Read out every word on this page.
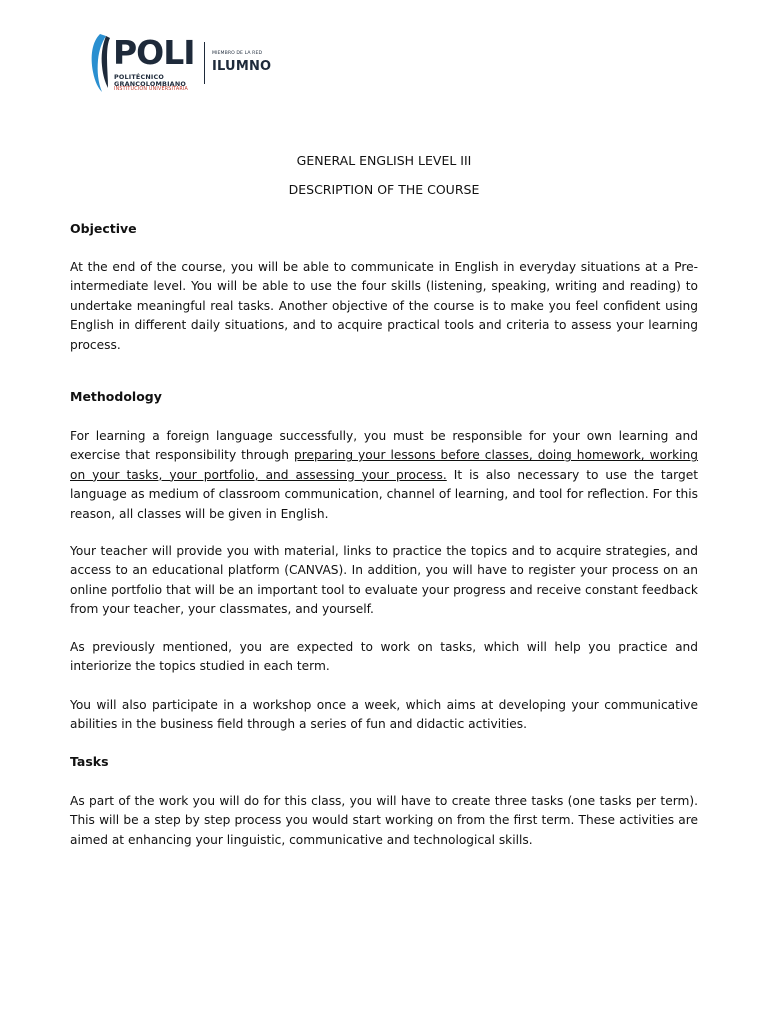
POLI
POLITÉCNICO
GRANCOLOMBIANO
INSTITUCIÓN UNIVERSITARIA
MIEMBRO DE LA RED
ILUMNO
GENERAL ENGLISH LEVEL III
DESCRIPTION OF THE COURSE
Objective

At the end of the course, you will be able to communicate in English in everyday situations at a Pre-intermediate level. You will be able to use the four skills (listening, speaking, writing and reading) to undertake meaningful real tasks. Another objective of the course is to make you feel confident using English in different daily situations, and to acquire practical tools and criteria to assess your learning process.

Methodology

For learning a foreign language successfully, you must be responsible for your own learning and exercise that responsibility through preparing your lessons before classes, doing homework, working on your tasks, your portfolio, and assessing your process. It is also necessary to use the target language as medium of classroom communication, channel of learning, and tool for reflection. For this reason, all classes will be given in English.

Your teacher will provide you with material, links to practice the topics and to acquire strategies, and access to an educational platform (CANVAS). In addition, you will have to register your process on an online portfolio that will be an important tool to evaluate your progress and receive constant feedback from your teacher, your classmates, and yourself.

As previously mentioned, you are expected to work on tasks, which will help you practice and interiorize the topics studied in each term.

You will also participate in a workshop once a week, which aims at developing your communicative abilities in the business field through a series of fun and didactic activities.

Tasks

As part of the work you will do for this class, you will have to create three tasks (one tasks per term). This will be a step by step process you would start working on from the first term. These activities are aimed at enhancing your linguistic, communicative and technological skills.
